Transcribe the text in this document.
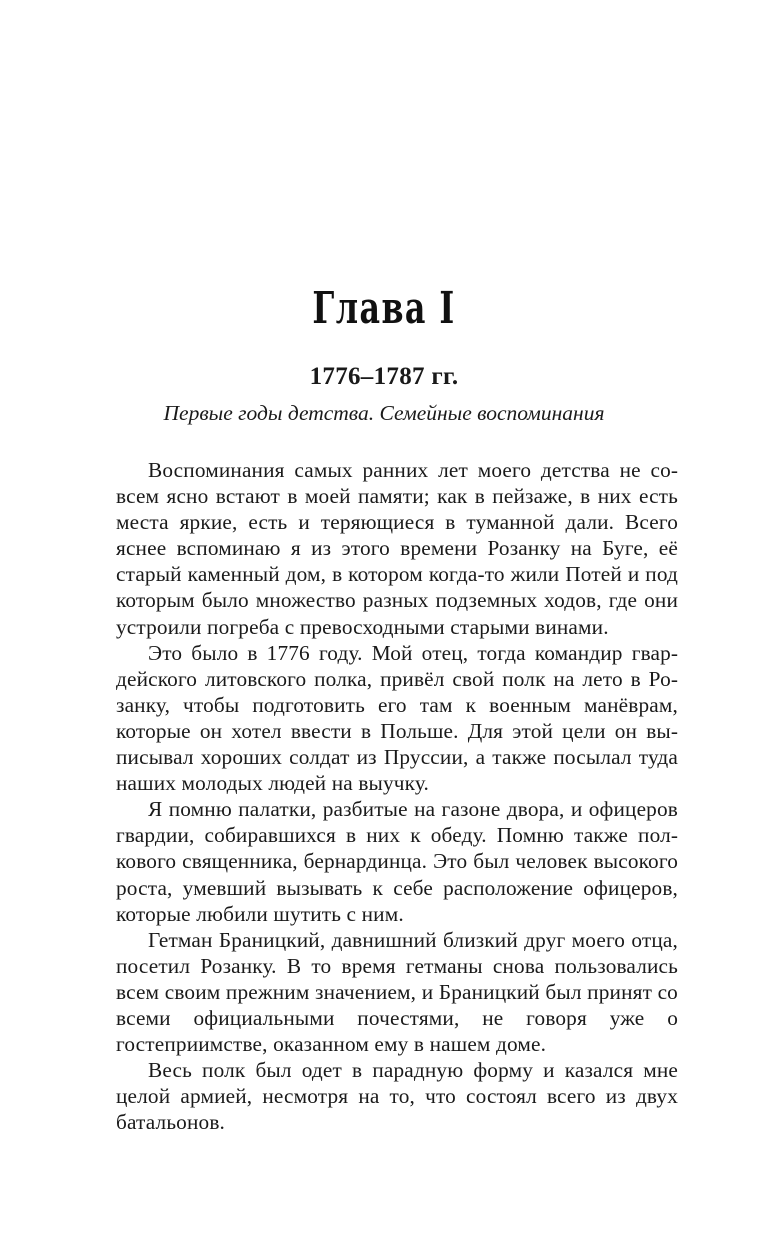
Глава I
1776–1787 гг.
Первые годы детства. Семейные воспоминания

Воспоминания самых ранних лет моего детства не совсем ясно встают в моей памяти; как в пейзаже, в них есть места яркие, есть и теряющиеся в туманной дали. Всего яснее вспоминаю я из этого времени Розанку на Буге, её старый каменный дом, в котором когда-то жили Потей и под которым было множество разных подземных ходов, где они устроили погреба с превосходными старыми винами.

Это было в 1776 году. Мой отец, тогда командир гвардейского литовского полка, привёл свой полк на лето в Розанку, чтобы подготовить его там к военным манёврам, которые он хотел ввести в Польше. Для этой цели он выписывал хороших солдат из Пруссии, а также посылал туда наших молодых людей на выучку.

Я помню палатки, разбитые на газоне двора, и офицеров гвардии, собиравшихся в них к обеду. Помню также полкового священника, бернардинца. Это был человек высокого роста, умевший вызывать к себе расположение офицеров, которые любили шутить с ним.

Гетман Браницкий, давнишний близкий друг моего отца, посетил Розанку. В то время гетманы снова пользовались всем своим прежним значением, и Браницкий был принят со всеми официальными почестями, не говоря уже о гостеприимстве, оказанном ему в нашем доме.

Весь полк был одет в парадную форму и казался мне целой армией, несмотря на то, что состоял всего из двух батальонов.
